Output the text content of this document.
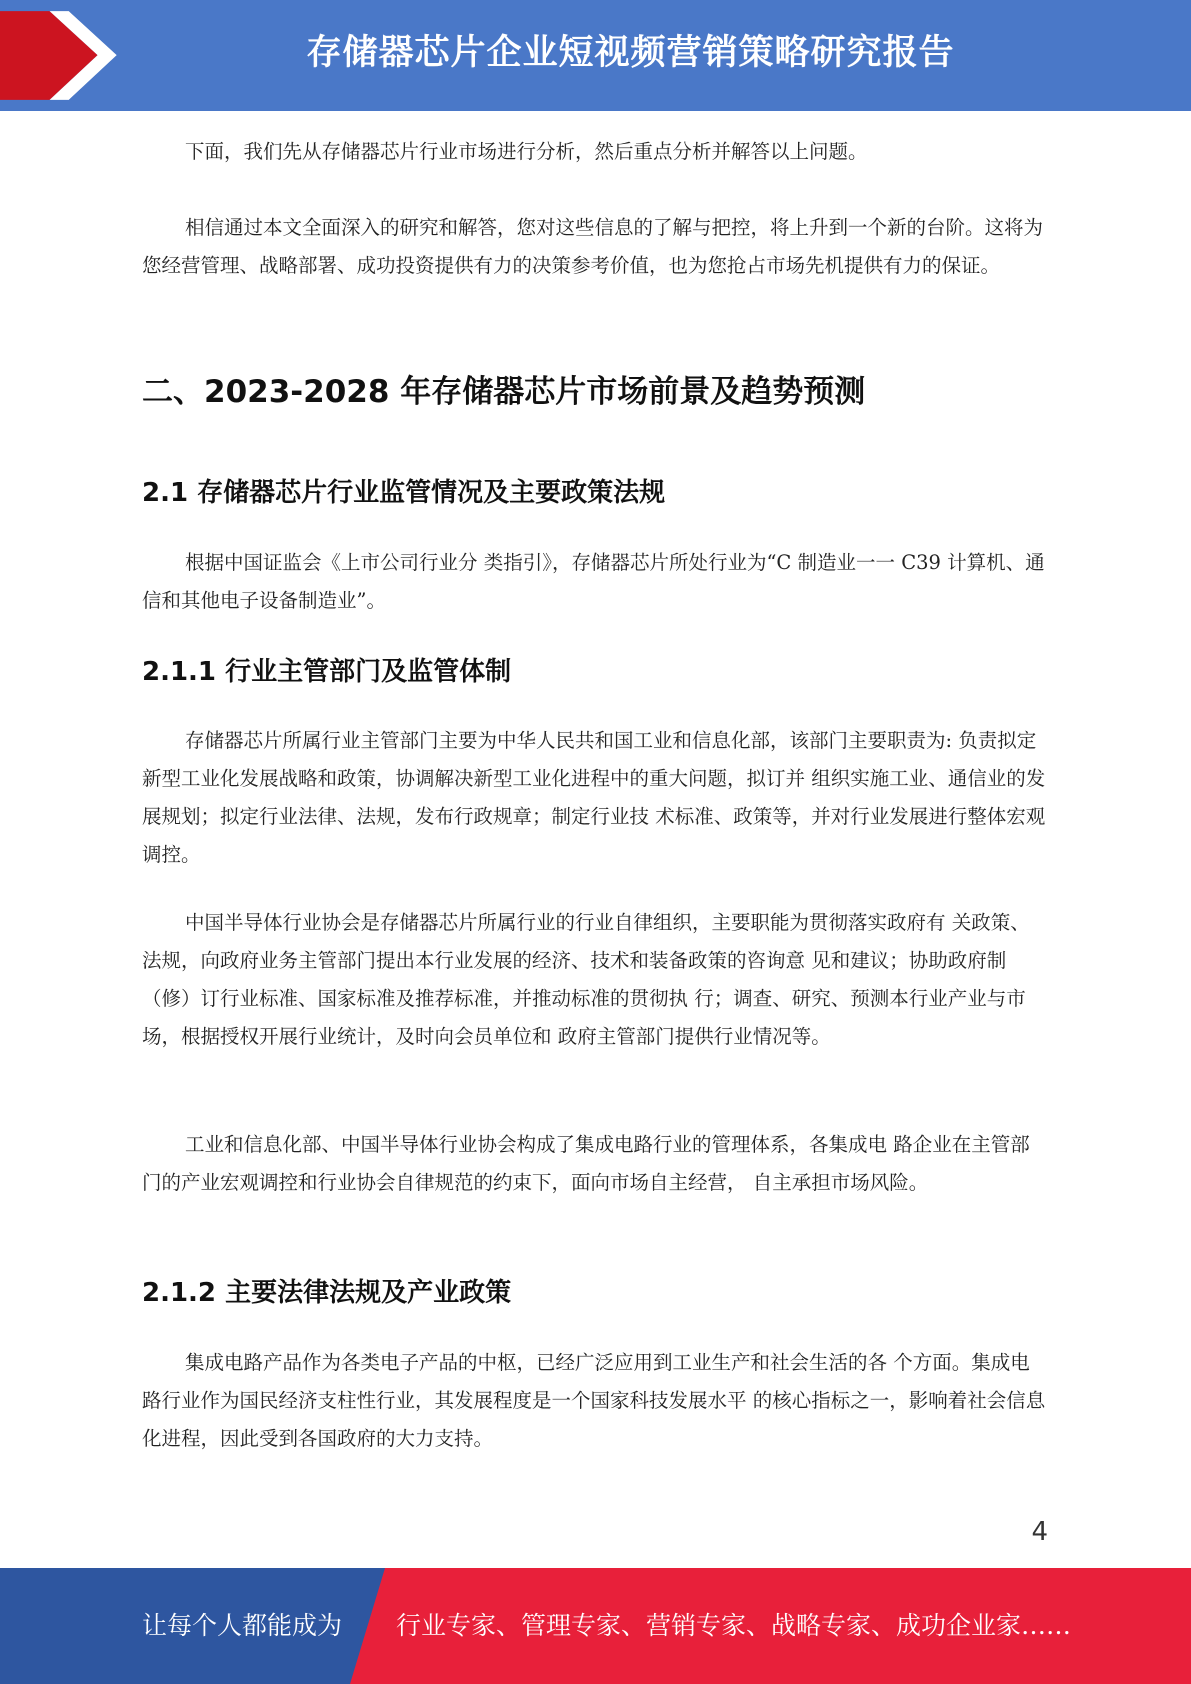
存储器芯片企业短视频营销策略研究报告

下面，我们先从存储器芯片行业市场进行分析，然后重点分析并解答以上问题。

相信通过本文全面深入的研究和解答，您对这些信息的了解与把控，将上升到一个新的台阶。这将为您经营管理、战略部署、成功投资提供有力的决策参考价值，也为您抢占市场先机提供有力的保证。

二、2023-2028 年存储器芯片市场前景及趋势预测
2.1 存储器芯片行业监管情况及主要政策法规

根据中国证监会《上市公司行业分 类指引》，存储器芯片所处行业为“C 制造业一一 C39 计算机、通信和其他电子设备制造业”。

2.1.1 行业主管部门及监管体制

存储器芯片所属行业主管部门主要为中华人民共和国工业和信息化部，该部门主要职责为: 负责拟定新型工业化发展战略和政策，协调解决新型工业化进程中的重大问题，拟订并 组织实施工业、通信业的发展规划；拟定行业法律、法规，发布行政规章；制定行业技 术标准、政策等，并对行业发展进行整体宏观调控。

中国半导体行业协会是存储器芯片所属行业的行业自律组织，主要职能为贯彻落实政府有 关政策、法规，向政府业务主管部门提出本行业发展的经济、技术和装备政策的咨询意 见和建议；协助政府制（修）订行业标准、国家标准及推荐标准，并推动标准的贯彻执 行；调查、研究、预测本行业产业与市场，根据授权开展行业统计，及时向会员单位和 政府主管部门提供行业情况等。

工业和信息化部、中国半导体行业协会构成了集成电路行业的管理体系，各集成电 路企业在主管部门的产业宏观调控和行业协会自律规范的约束下，面向市场自主经营， 自主承担市场风险。

2.1.2 主要法律法规及产业政策

集成电路产品作为各类电子产品的中枢，已经广泛应用到工业生产和社会生活的各 个方面。集成电路行业作为国民经济支柱性行业，其发展程度是一个国家科技发展水平 的核心指标之一，影响着社会信息化进程，因此受到各国政府的大力支持。

4
让每个人都能成为 行业专家、管理专家、营销专家、战略专家、成功企业家……
